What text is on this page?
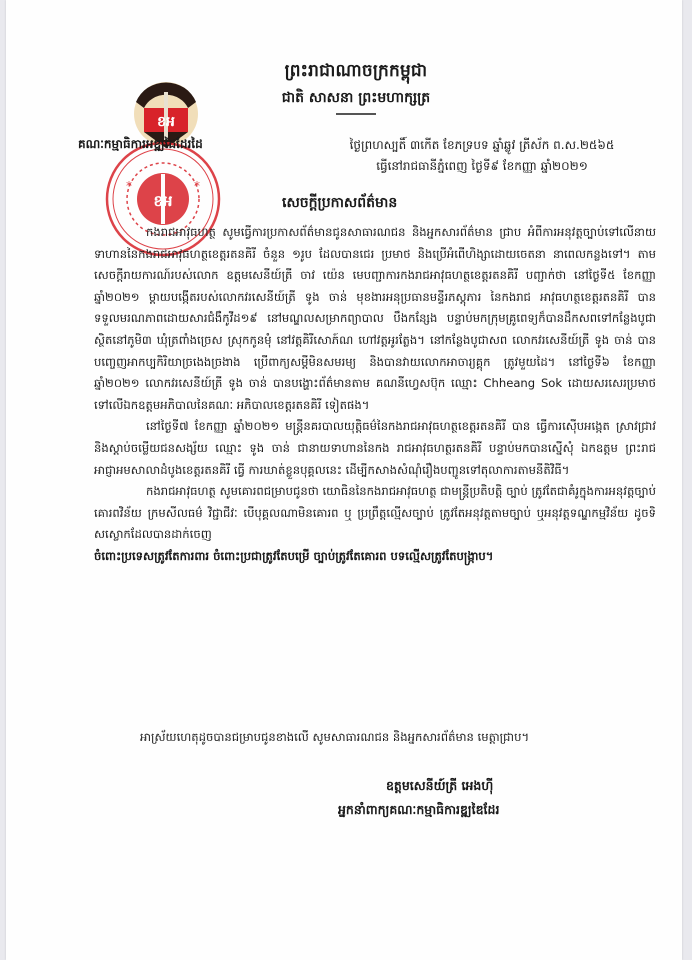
ព្រះរាជាណាចក្រកម្ពុជា
ជាតិ សាសនា ព្រះមហាក្សត្រ
ខអ
ខអ
*	*
គណៈកម្មាធិការអឌ្ឍដៃដែរដៃ	ថ្ងៃព្រហស្បតិ៍ ៣កើត ខែភទ្របទ ឆ្នាំឆ្លូវ ត្រីស័ក ព.ស.២៥៦៥
ធ្វើនៅរាជធានីភ្នំពេញ ថ្ងៃទី៩ ខែកញ្ញា ឆ្នាំ២០២១
សេចក្តីប្រកាសព័ត៌មាន

កងរាជអាវុធហត្ថ សូមធ្វើការប្រកាសព័ត៌មានជូនសាធារណជន និងអ្នកសារព័ត៌មាន ជ្រាប អំពីការអនុវត្តច្បាប់ទៅលើនាយទាហាននៃកងរាជអាវុធហត្ថខេត្តរតនគិរី ចំនួន ១រូប ដែលបានជេរ ប្រមាថ និងប្រើអំពើហិង្សាដោយចេតនា នាពេលកន្លងទៅ។ តាមសេចក្តីរាយការណ៍របស់លោក ឧត្តមសេនីយ៍ត្រី ចាវ យ៉េន មេបញ្ជាការកងរាជអាវុធហត្ថខេត្តរតនគិរី បញ្ជាក់ថា នៅថ្ងៃទី៥ ខែកញ្ញា ឆ្នាំ២០២១ ម្តាយបង្កើតរបស់លោកវរសេនីយ៍ត្រី ទូង ចាន់ មុខងារអនុប្រធានមន្ទីរភស្តុភារ នៃកងរាជ អាវុធហត្ថខេត្តរតនគិរី បានទទួលមរណភាពដោយសារជំងឺកូវីដ១៩ នៅមណ្ឌលសម្រាកព្យាបាល បឹងកន្សែង បន្ទាប់មកក្រុមគ្រូពេទ្យក៏បានដឹកសពទៅកន្លែងបូជា ស្ថិតនៅភូមិ៣ ឃុំត្រពាំងច្រេស ស្រុកកូនមុំ នៅវត្តគិរីសោភ៍ណ ហៅវត្តអូរត្លែង។ នៅកន្លែងបូជាសព លោកវរសេនីយ៍ត្រី ទូង ចាន់ បានបញ្ចេញអាកប្បកិរិយាច្រងេងច្រងាង ប្រើពាក្យសម្តីមិនសមរម្យ និងបានវាយលោកអាចារ្យគ្គុក ត្រូវមួយដៃ។ នៅថ្ងៃទី៦ ខែកញ្ញា ឆ្នាំ២០២១ លោកវរសេនីយ៍ត្រី ទូង ចាន់ បានបង្ហោះព័ត៌មានតាម គណនីហ្វេសប៊ុក ឈ្មោះ Chheang Sok ដោយសរសេរប្រមាថទៅលើឯកឧត្តមអភិបាលនៃគណៈ អភិបាលខេត្តរតនគិរី ទៀតផង។

នៅថ្ងៃទី៧ ខែកញ្ញា ឆ្នាំ២០២១ មន្ត្រីនគរបាលយុត្តិធម៌នៃកងរាជអាវុធហត្ថខេត្តរតនគិរី បាន ធ្វើការស៊ើបអង្កេត ស្រាវជ្រាវ និងស្តាប់ចម្លើយជនសង្ស័យ ឈ្មោះ ទូង ចាន់ ជានាយទាហាននៃកង រាជអាវុធហត្ថរតនគិរី បន្ទាប់មកបានស្នើសុំ ឯកឧត្តម ព្រះរាជអាជ្ញាអមសាលាដំបូងខេត្តរតនគិរី ធ្វើ ការឃាត់ខ្លួនបុគ្គលនេះ ដើម្បីកសាងសំណុំរឿងបញ្ជូនទៅតុលាការតាមនីតិវិធី។

កងរាជអាវុធហត្ថ សូមគោរពជម្រាបជូនថា យោធិននៃកងរាជអាវុធហត្ថ ជាមន្ត្រីប្រតិបត្តិ ច្បាប់ ត្រូវតែជាគំរូក្នុងការអនុវត្តច្បាប់ គោរពវិន័យ ក្រមសីលធម៌ វិជ្ជាជីវៈ បើបុគ្គលណាមិនគោរព ឬ ប្រព្រឹត្តល្មើសច្បាប់ ត្រូវតែអនុវត្តតាមច្បាប់ ឬអនុវត្តទណ្ឌកម្មវិន័យ ដូចទិសស្លោកដែលបានដាក់ចេញ

ចំពោះប្រទេសត្រូវតែការពារ ចំពោះប្រជាត្រូវតែបម្រើ ច្បាប់ត្រូវតែគោរព បទល្មើសត្រូវតែបង្ក្រាប។

អាស្រ័យហេតុដូចបានជម្រាបជូនខាងលើ សូមសាធារណជន និងអ្នកសារព័ត៌មាន មេត្តាជ្រាប។
ឧត្តមសេនីយ៍ត្រី អេងហ៊ី
អ្នកនាំពាក្យគណៈកម្មាធិការឌ្ឍឌៃដែរ
